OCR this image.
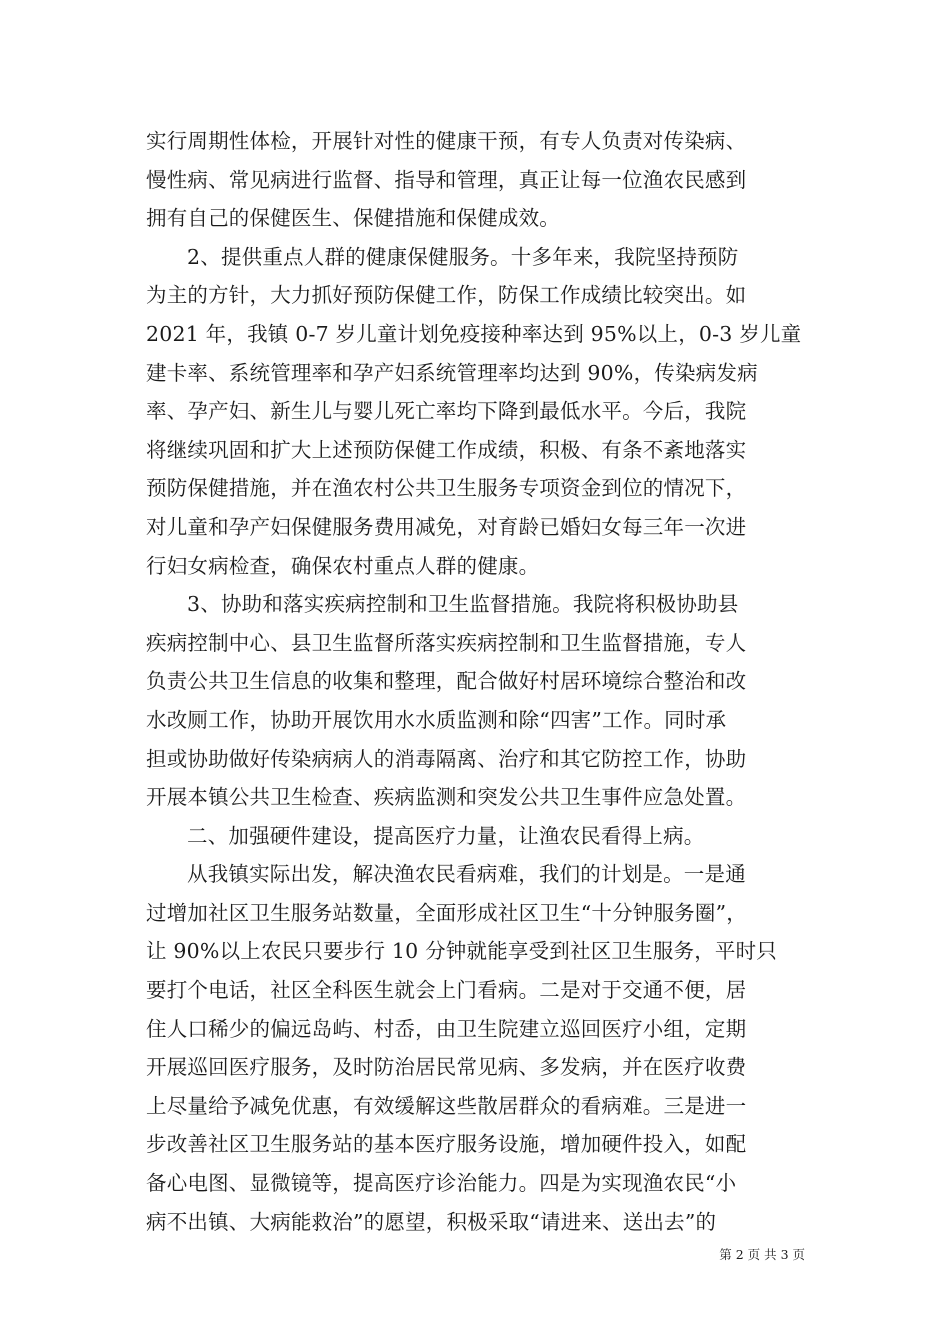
实行周期性体检，开展针对性的健康干预，有专人负责对传染病、
慢性病、常见病进行监督、指导和管理，真正让每一位渔农民感到
拥有自己的保健医生、保健措施和保健成效。
2、提供重点人群的健康保健服务。十多年来，我院坚持预防
为主的方针，大力抓好预防保健工作，防保工作成绩比较突出。如
2021 年，我镇 0-7 岁儿童计划免疫接种率达到 95%以上，0-3 岁儿童
建卡率、系统管理率和孕产妇系统管理率均达到 90%，传染病发病
率、孕产妇、新生儿与婴儿死亡率均下降到最低水平。今后，我院
将继续巩固和扩大上述预防保健工作成绩，积极、有条不紊地落实
预防保健措施，并在渔农村公共卫生服务专项资金到位的情况下，
对儿童和孕产妇保健服务费用减免，对育龄已婚妇女每三年一次进
行妇女病检查，确保农村重点人群的健康。
3、协助和落实疾病控制和卫生监督措施。我院将积极协助县
疾病控制中心、县卫生监督所落实疾病控制和卫生监督措施，专人
负责公共卫生信息的收集和整理，配合做好村居环境综合整治和改
水改厕工作，协助开展饮用水水质监测和除“四害”工作。同时承
担或协助做好传染病病人的消毒隔离、治疗和其它防控工作，协助
开展本镇公共卫生检查、疾病监测和突发公共卫生事件应急处置。
二、加强硬件建设，提高医疗力量，让渔农民看得上病。
从我镇实际出发，解决渔农民看病难，我们的计划是。一是通
过增加社区卫生服务站数量，全面形成社区卫生“十分钟服务圈”，
让 90%以上农民只要步行 10 分钟就能享受到社区卫生服务，平时只
要打个电话，社区全科医生就会上门看病。二是对于交通不便，居
住人口稀少的偏远岛屿、村岙，由卫生院建立巡回医疗小组，定期
开展巡回医疗服务，及时防治居民常见病、多发病，并在医疗收费
上尽量给予减免优惠，有效缓解这些散居群众的看病难。三是进一
步改善社区卫生服务站的基本医疗服务设施，增加硬件投入，如配
备心电图、显微镜等，提高医疗诊治能力。四是为实现渔农民“小
病不出镇、大病能救治”的愿望，积极采取“请进来、送出去”的
第 2 页 共 3 页
